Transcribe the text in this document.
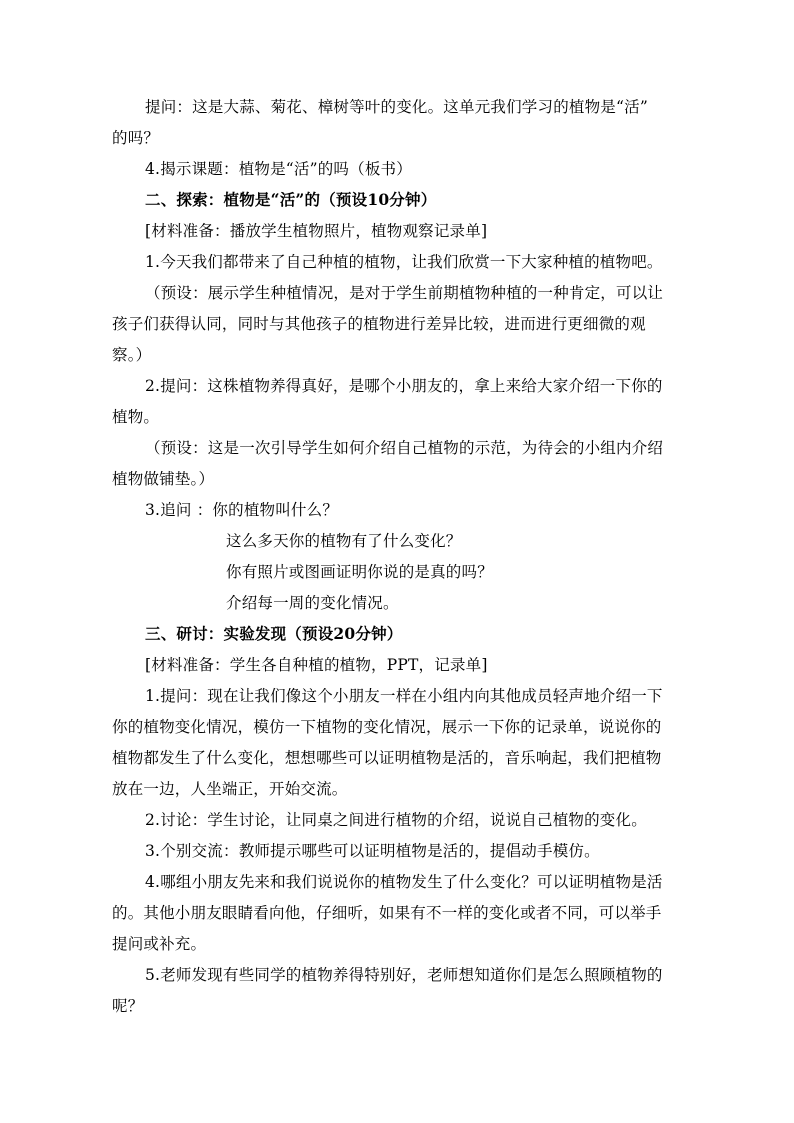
提问：这是大蒜、菊花、樟树等叶的变化。这单元我们学习的植物是“活”
的吗？
4.揭示课题：植物是“活”的吗（板书）
二、探索：植物是“活”的（预设10分钟）
[材料准备：播放学生植物照片，植物观察记录单]
1.今天我们都带来了自己种植的植物，让我们欣赏一下大家种植的植物吧。
（预设：展示学生种植情况，是对于学生前期植物种植的一种肯定，可以让
孩子们获得认同，同时与其他孩子的植物进行差异比较，进而进行更细微的观
察。）
2.提问：这株植物养得真好，是哪个小朋友的，拿上来给大家介绍一下你的
植物。
（预设：这是一次引导学生如何介绍自己植物的示范，为待会的小组内介绍
植物做铺垫。）
3.追问 ：你的植物叫什么？
这么多天你的植物有了什么变化？
你有照片或图画证明你说的是真的吗？
介绍每一周的变化情况。
三、研讨：实验发现（预设20分钟）
[材料准备：学生各自种植的植物，PPT，记录单]
1.提问：现在让我们像这个小朋友一样在小组内向其他成员轻声地介绍一下
你的植物变化情况，模仿一下植物的变化情况，展示一下你的记录单，说说你的
植物都发生了什么变化，想想哪些可以证明植物是活的，音乐响起，我们把植物
放在一边，人坐端正，开始交流。
2.讨论：学生讨论，让同桌之间进行植物的介绍，说说自己植物的变化。
3.个别交流：教师提示哪些可以证明植物是活的，提倡动手模仿。
4.哪组小朋友先来和我们说说你的植物发生了什么变化？可以证明植物是活
的。其他小朋友眼睛看向他，仔细听，如果有不一样的变化或者不同，可以举手
提问或补充。
5.老师发现有些同学的植物养得特别好，老师想知道你们是怎么照顾植物的
呢？
